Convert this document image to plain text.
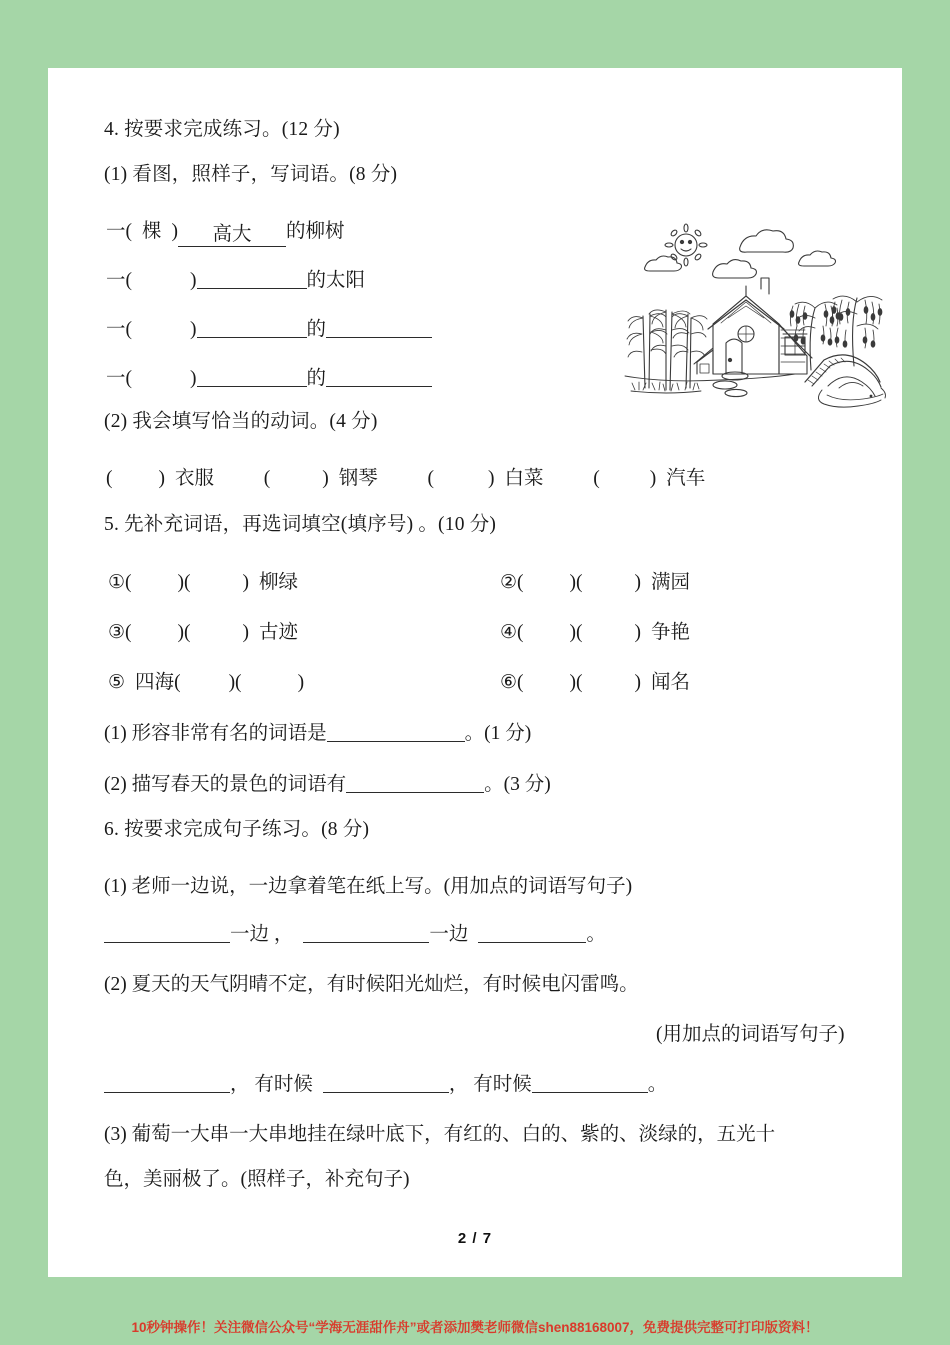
4. 按要求完成练习。(12 分)
(1) 看图，照样子，写词语。(8 分)
一( 棵 ) 高大 的柳树
一(	)	的太阳
一(	)	的
一(	)	的
(2) 我会填写恰当的动词。(4 分)
( ) 衣服	(	) 钢琴	(	) 白菜	(	) 汽车
5. 先补充词语，再选词填空(填序号) 。(10 分)
①( )(	) 柳绿	②( )(	) 满园
③( )(	) 古迹	④( )(	) 争艳
⑤ 四海( )(	)	⑥( )(	) 闻名
(1) 形容非常有名的词语是	。(1 分)
(2) 描写春天的景色的词语有	。(3 分)
6. 按要求完成句子练习。(8 分)
(1) 老师一边说，一边拿着笔在纸上写。(用加点的词语写句子)
一边 ，	一边	。
(2) 夏天的天气阴晴不定，有时候阳光灿烂，有时候电闪雷鸣。
(用加点的词语写句子)
， 有时候	， 有时候	。
(3) 葡萄一大串一大串地挂在绿叶底下，有红的、白的、紫的、淡绿的，五光十
色，美丽极了。(照样子，补充句子)
2 / 7
10秒钟操作！关注微信公众号“学海无涯甜作舟”或者添加樊老师微信shen88168007，免费提供完整可打印版资料！
